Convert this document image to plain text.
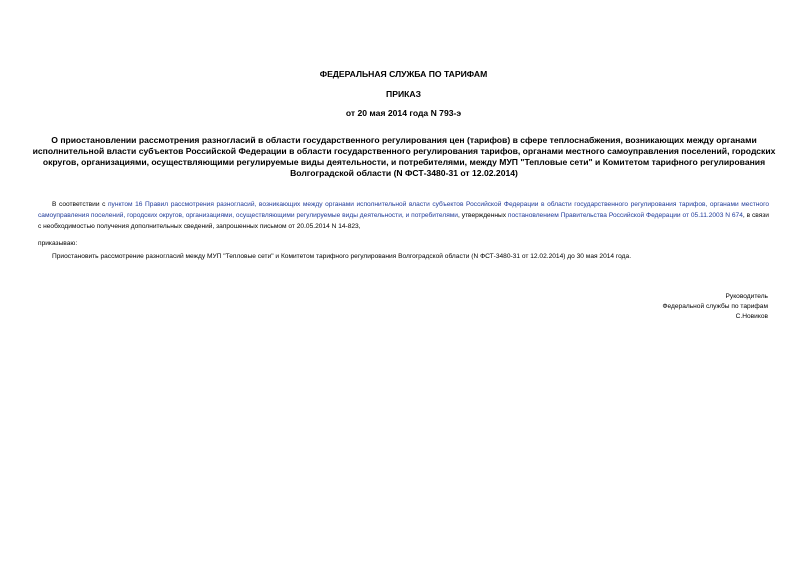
ФЕДЕРАЛЬНАЯ СЛУЖБА ПО ТАРИФАМ
ПРИКАЗ
от 20 мая 2014 года N 793-э
О приостановлении рассмотрения разногласий в области государственного регулирования цен (тарифов) в сфере теплоснабжения, возникающих между органами исполнительной власти субъектов Российской Федерации в области государственного регулирования тарифов, органами местного самоуправления поселений, городских округов, организациями, осуществляющими регулируемые виды деятельности, и потребителями, между МУП "Тепловые сети" и Комитетом тарифного регулирования Волгоградской области (N ФСТ-3480-31 от 12.02.2014)
В соответствии с пунктом 16 Правил рассмотрения разногласий, возникающих между органами исполнительной власти субъектов Российской Федерации в области государственного регулирования тарифов, органами местного самоуправления поселений, городских округов, организациями, осуществляющими регулируемые виды деятельности, и потребителями, утвержденных постановлением Правительства Российской Федерации от 05.11.2003 N 674, в связи с необходимостью получения дополнительных сведений, запрошенных письмом от 20.05.2014 N 14-823,
приказываю:
Приостановить рассмотрение разногласий между МУП "Тепловые сети" и Комитетом тарифного регулирования Волгоградской области (N ФСТ-3480-31 от 12.02.2014) до 30 мая 2014 года.
Руководитель
Федеральной службы по тарифам
С.Новиков
